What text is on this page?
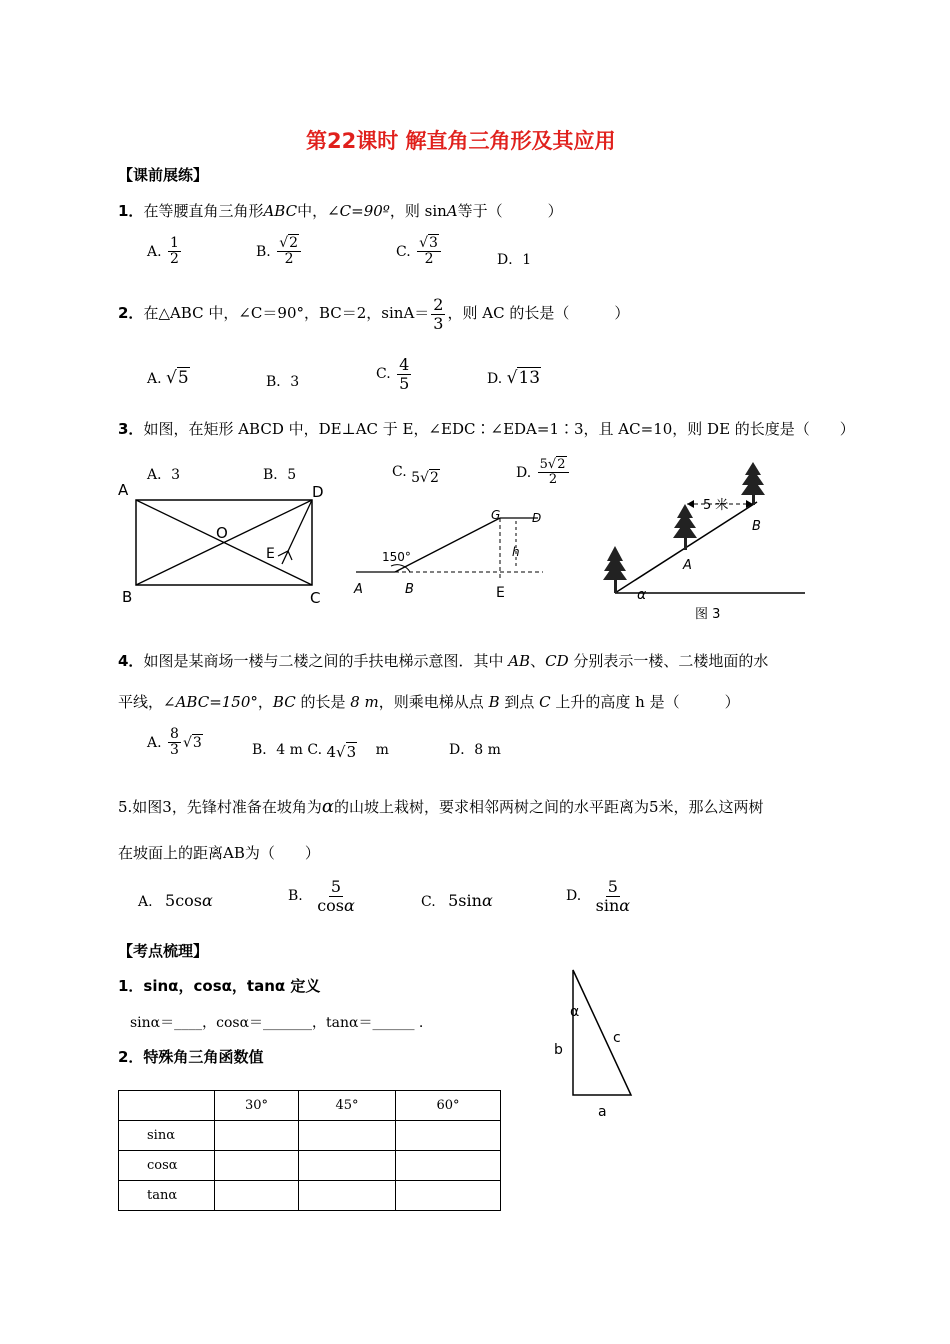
第22课时 解直角三角形及其应用
【课前展练】
1．在等腰直角三角形ABC中，∠C=90º，则 sinA等于（　　　）
A. $\frac{1}{2}$	B. $\frac{√2}{2}$	C. $\frac{√3}{2}$	D．1
2．在△ABC 中，∠C＝90°，BC＝2，$\sin A= \frac{2}{3}$ ，则 AC 的长是（　　　）
A. √5	B．3	C. $\frac{4}{5}$	D. √13
3．如图，在矩形 ABCD 中，DE⊥AC 于 E，∠EDC∶∠EDA=1∶3，且 AC=10，则 DE 的长度是（　　）
A．3	B．5	C. 5√2	D. $\frac{5√2}{2}$
A	D
B	C
O
E	150°
G	D
h
A	B	E
5 米
B
A
α
图 3
4．如图是某商场一楼与二楼之间的手扶电梯示意图．其中 AB、CD 分别表示一楼、二楼地面的水
平线，∠ABC=150°，BC 的长是 8 m，则乘电梯从点 B 到点 C 上升的高度 h 是（　　　）
A. $\frac{8}{3} √3$	B．4 m C. 4√3 m	D．8 m
5.如图3，先锋村准备在坡角为α的山坡上栽树，要求相邻两树之间的水平距离为5米，那么这两树
在坡面上的距离AB为（　　）
A. 5cosα	B. $\frac{5}{\cos\alpha}$	C. 5sinα	D. $\frac{5}{\sin\alpha}$
【考点梳理】
1．sinα，cosα，tanα 定义
sinα＝____，cosα＝_______，tanα＝______ .
2．特殊角三角函数值
	30°	45°	60°
sinα			
cosα			
tanα			
α
b
c
a
